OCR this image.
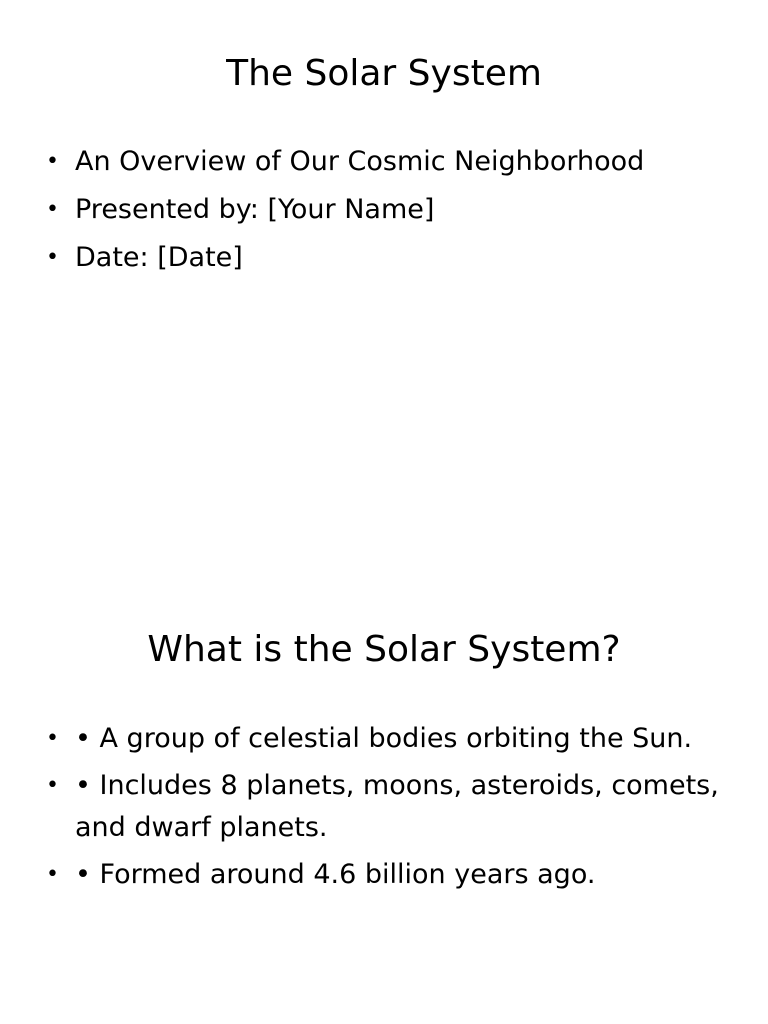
The Solar System
• An Overview of Our Cosmic Neighborhood
• Presented by: [Your Name]
• Date: [Date]
What is the Solar System?
• • A group of celestial bodies orbiting the Sun.
• • Includes 8 planets, moons, asteroids, comets, and dwarf planets.
• • Formed around 4.6 billion years ago.
